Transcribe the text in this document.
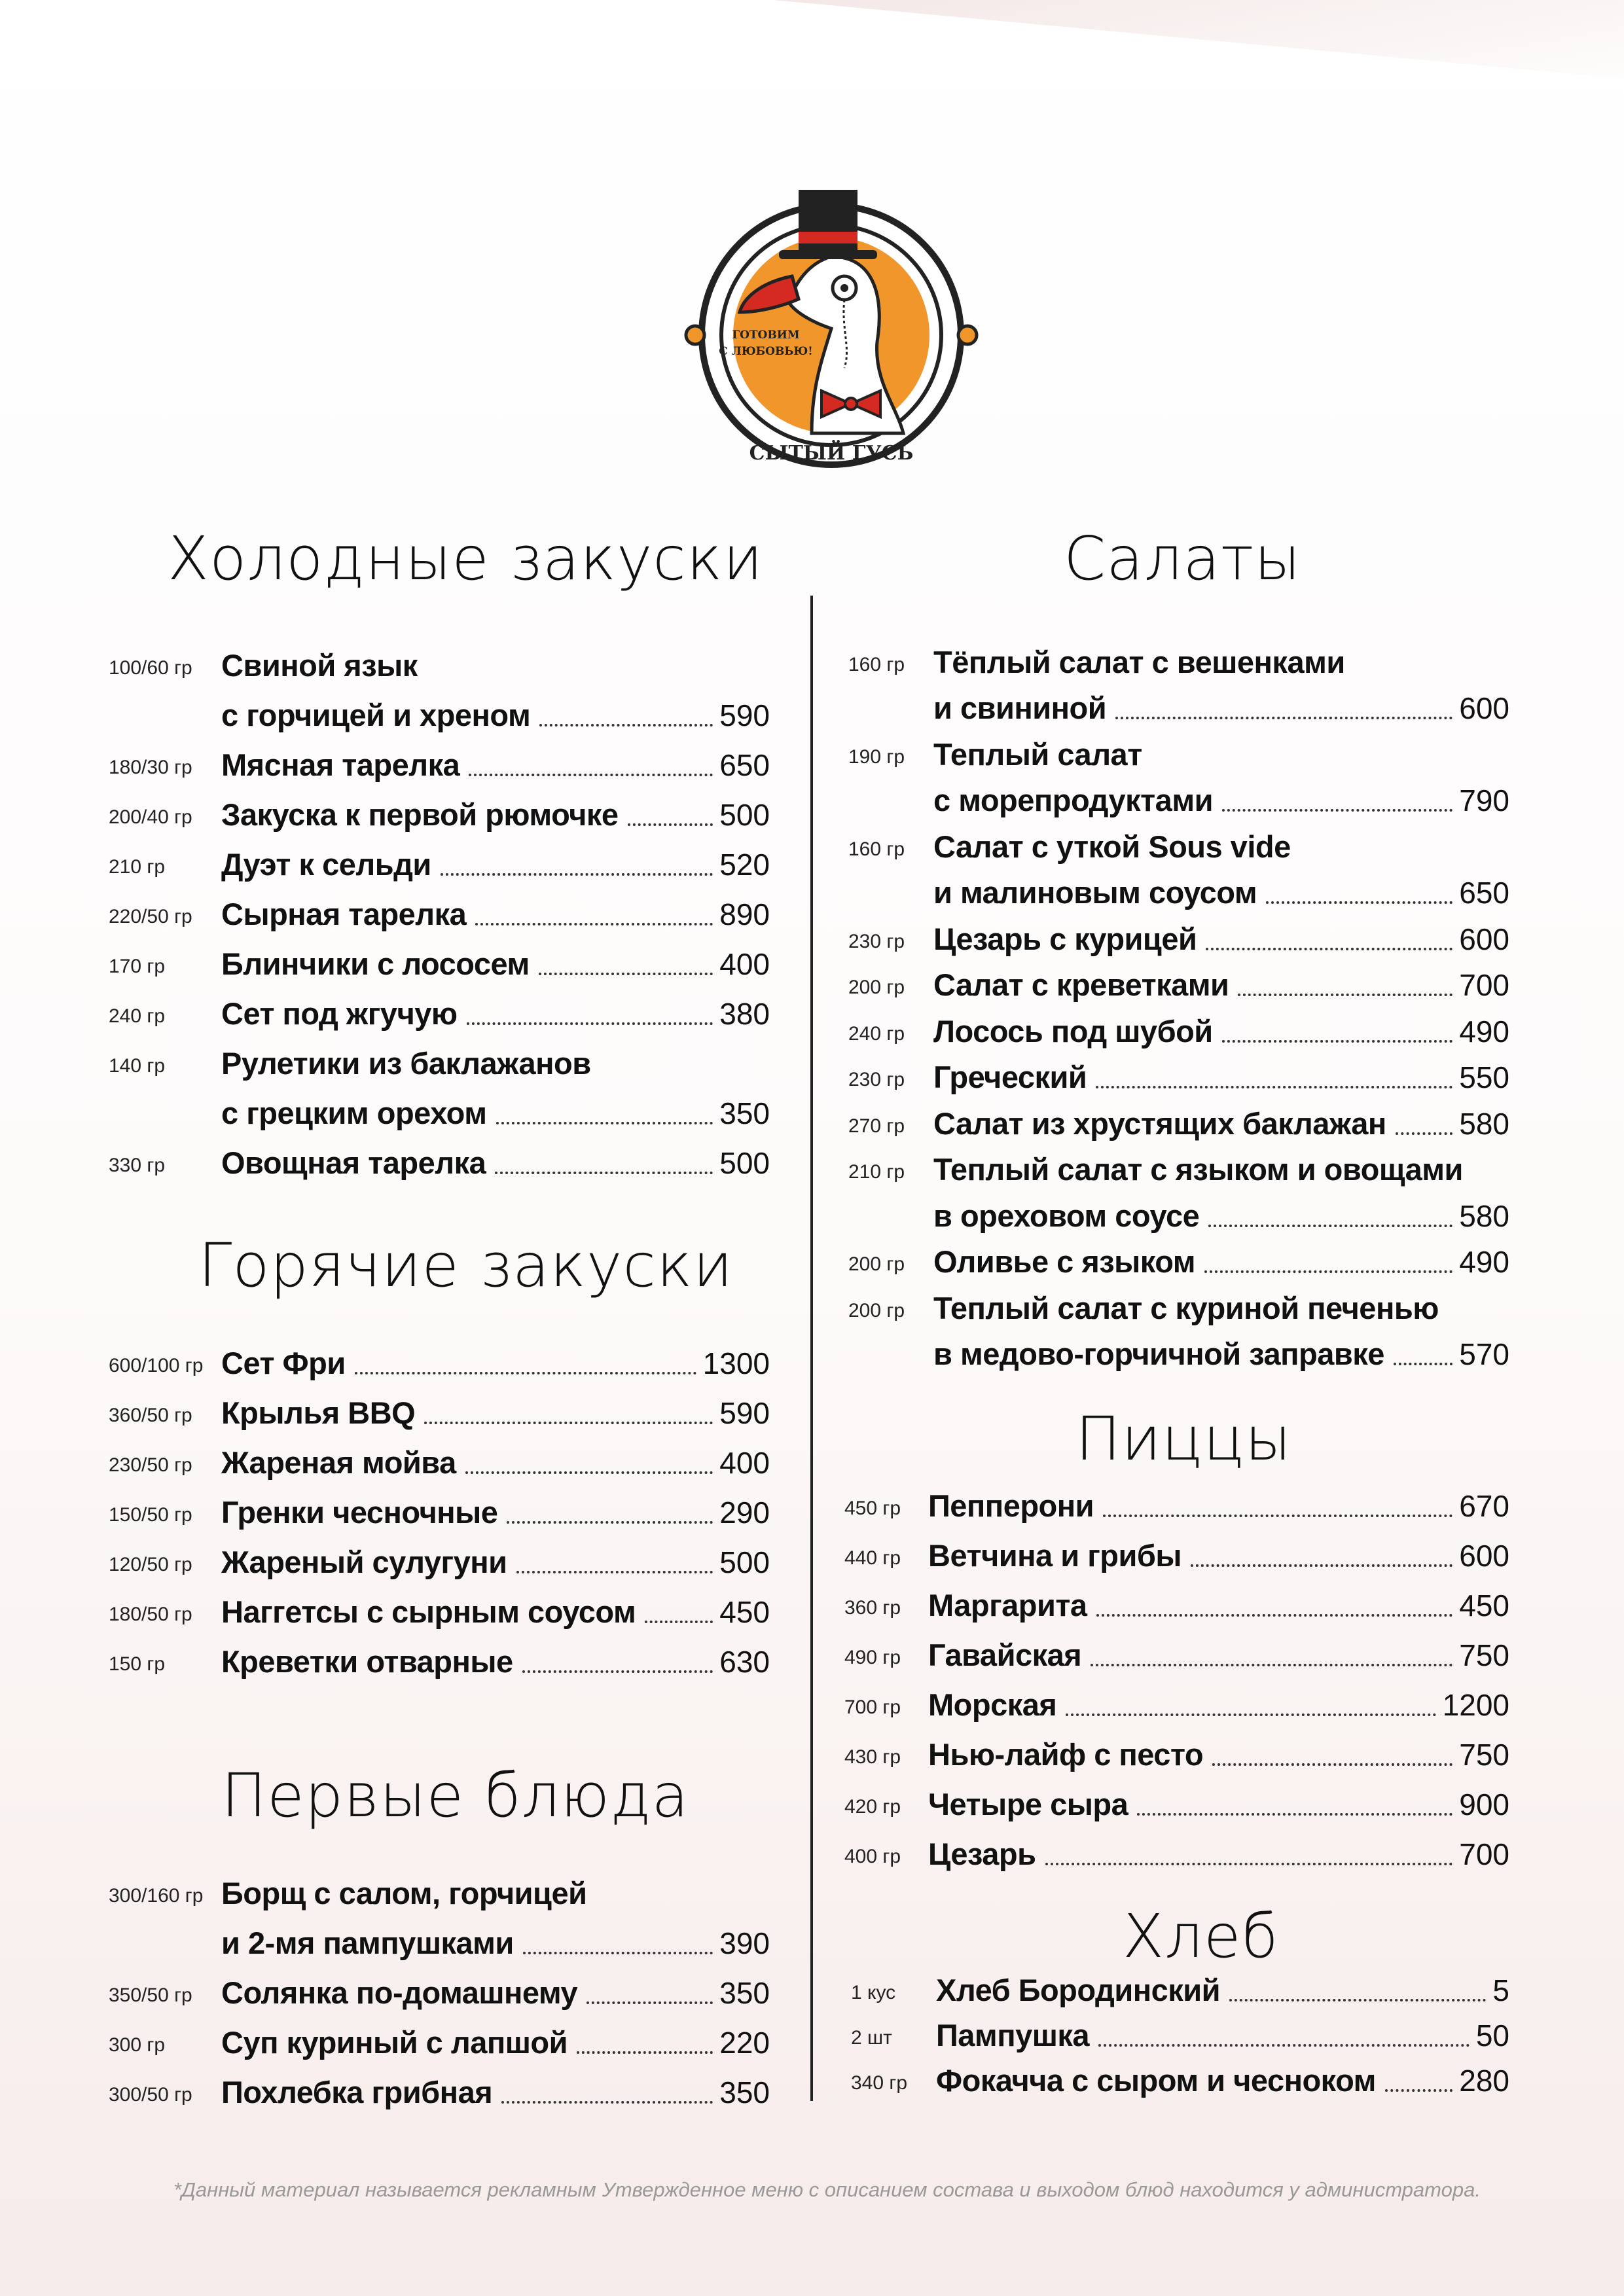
ГОТОВИМ
С ЛЮБОВЬЮ!
СЫТЫЙ ГУСЬ
Холодные закуски
Горячие закуски
Первые блюда
Салаты
Пиццы
Хлеб
100/60 гр Свиной язык
с горчицей и хреном	590
180/30 гр Мясная тарелка	650
200/40 гр Закуска к первой рюмочке	500
210 гр	Дуэт к сельди	520
220/50 гр Сырная тарелка	890
170 гр	Блинчики с лососем	400
240 гр	Сет под жгучую	380
140 гр	Рулетики из баклажанов
с грецким орехом	350
330 гр	Овощная тарелка	500
600/100 гр Сет Фри	1300
360/50 гр Крылья BBQ	590
230/50 гр Жареная мойва	400
150/50 гр Гренки чесночные	290
120/50 гр Жареный сулугуни	500
180/50 гр Наггетсы с сырным соусом	450
150 гр	Креветки отварные	630
300/160 гр Борщ с салом, горчицей
и 2-мя пампушками	390
350/50 гр Солянка по-домашнему	350
300 гр	Суп куриный с лапшой	220
300/50 гр Похлебка грибная	350
160 гр Тёплый салат с вешенками
и свининой	600
190 гр Теплый салат
с морепродуктами	790
160 гр Салат с уткой Sous vide
и малиновым соусом	650
230 гр Цезарь с курицей	600
200 гр Салат с креветками	700
240 гр Лосось под шубой	490
230 гр Греческий	550
270 гр Салат из хрустящих баклажан 580
210 гр Теплый салат с языком и овощами
в ореховом соусе	580
200 гр Оливье с языком	490
200 гр Теплый салат с куриной печенью
в медово-горчичной заправке 570
450 гр Пепперони	670
440 гр Ветчина и грибы	600
360 гр Маргарита	450
490 гр Гавайская	750
700 гр Морская	1200
430 гр Нью-лайф с песто	750
420 гр Четыре сыра	900
400 гр Цезарь	700
1 кус	Хлеб Бородинский	5
2 шт	Пампушка	50
340 гр Фокачча с сыром и чесноком	280
*Данный материал называется рекламным Утвержденное меню с описанием состава и выходом блюд находится у администратора.
